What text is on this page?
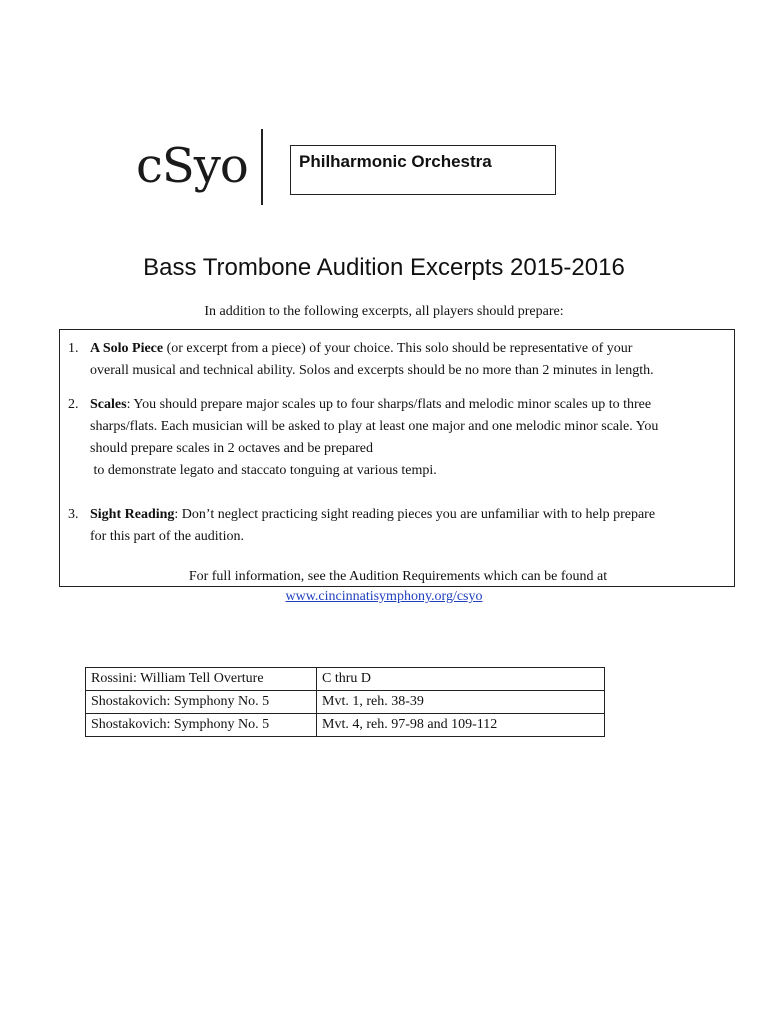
cSyo	Philharmonic Orchestra
Bass Trombone Audition Excerpts 2015-2016
In addition to the following excerpts, all players should prepare:
1. A Solo Piece (or excerpt from a piece) of your choice. This solo should be representative of your
overall musical and technical ability. Solos and excerpts should be no more than 2 minutes in length.
2. Scales: You should prepare major scales up to four sharps/flats and melodic minor scales up to three
sharps/flats. Each musician will be asked to play at least one major and one melodic minor scale. You
should prepare scales in 2 octaves and be prepared
to demonstrate legato and staccato tonguing at various tempi.
3. Sight Reading: Don’t neglect practicing sight reading pieces you are unfamiliar with to help prepare
for this part of the audition.
For full information, see the Audition Requirements which can be found at
www.cincinnatisymphony.org/csyo
Rossini: William Tell Overture	C thru D
Shostakovich: Symphony No. 5	Mvt. 1, reh. 38-39
Shostakovich: Symphony No. 5	Mvt. 4, reh. 97-98 and 109-112
